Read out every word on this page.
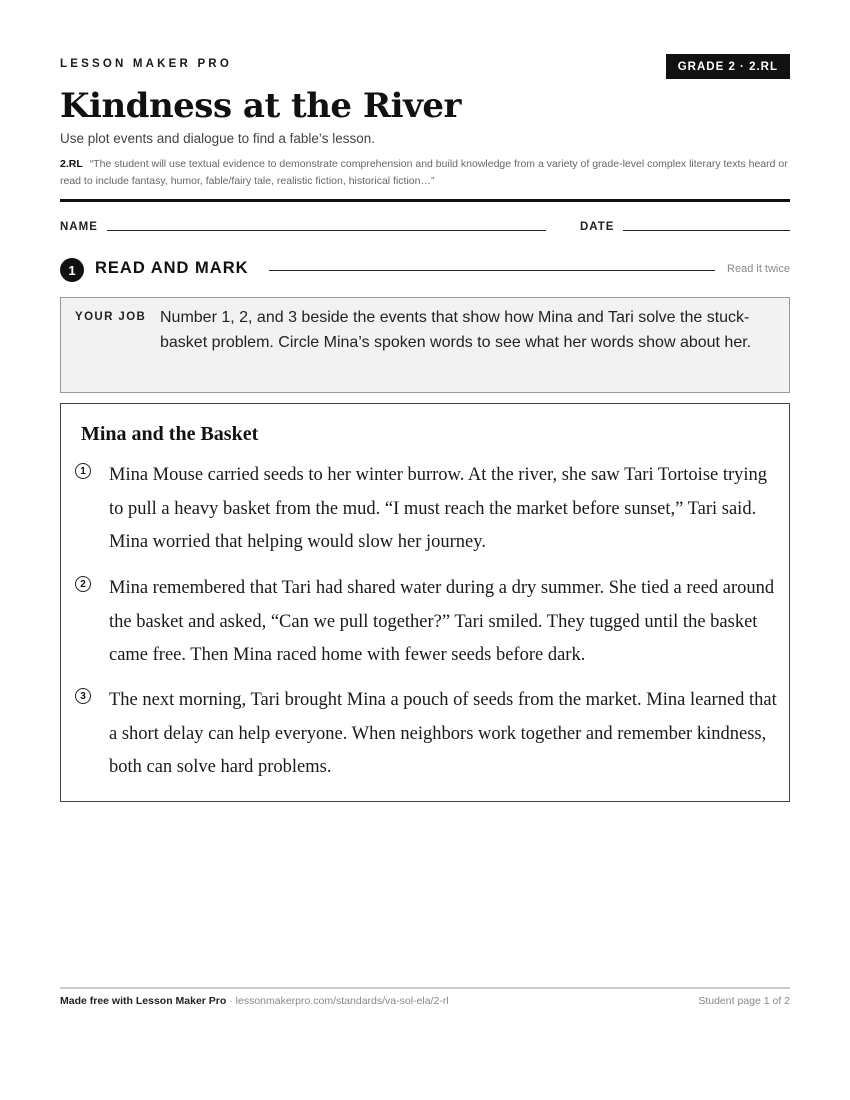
LESSON MAKER PRO	GRADE 2 · 2.RL
Kindness at the River
Use plot events and dialogue to find a fable’s lesson.
2.RL “The student will use textual evidence to demonstrate comprehension and build knowledge from a variety of grade-level complex literary texts heard or read to include fantasy, humor, fable/fairy tale, realistic fiction, historical fiction…”
NAME	DATE
1	READ AND MARK	Read it twice
YOUR JOB Number 1, 2, and 3 beside the events that show how Mina and Tari solve the stuck-basket problem. Circle Mina’s spoken words to see what her words show about her.
Mina and the Basket
1 Mina Mouse carried seeds to her winter burrow. At the river, she saw Tari Tortoise trying to pull a heavy basket from the mud. “I must reach the market before sunset,” Tari said. Mina worried that helping would slow her journey.
2 Mina remembered that Tari had shared water during a dry summer. She tied a reed around the basket and asked, “Can we pull together?” Tari smiled. They tugged until the basket came free. Then Mina raced home with fewer seeds before dark.
3 The next morning, Tari brought Mina a pouch of seeds from the market. Mina learned that a short delay can help everyone. When neighbors work together and remember kindness, both can solve hard problems.
Made free with Lesson Maker Pro · lessonmakerpro.com/standards/va-sol-ela/2-rl	Student page 1 of 2
